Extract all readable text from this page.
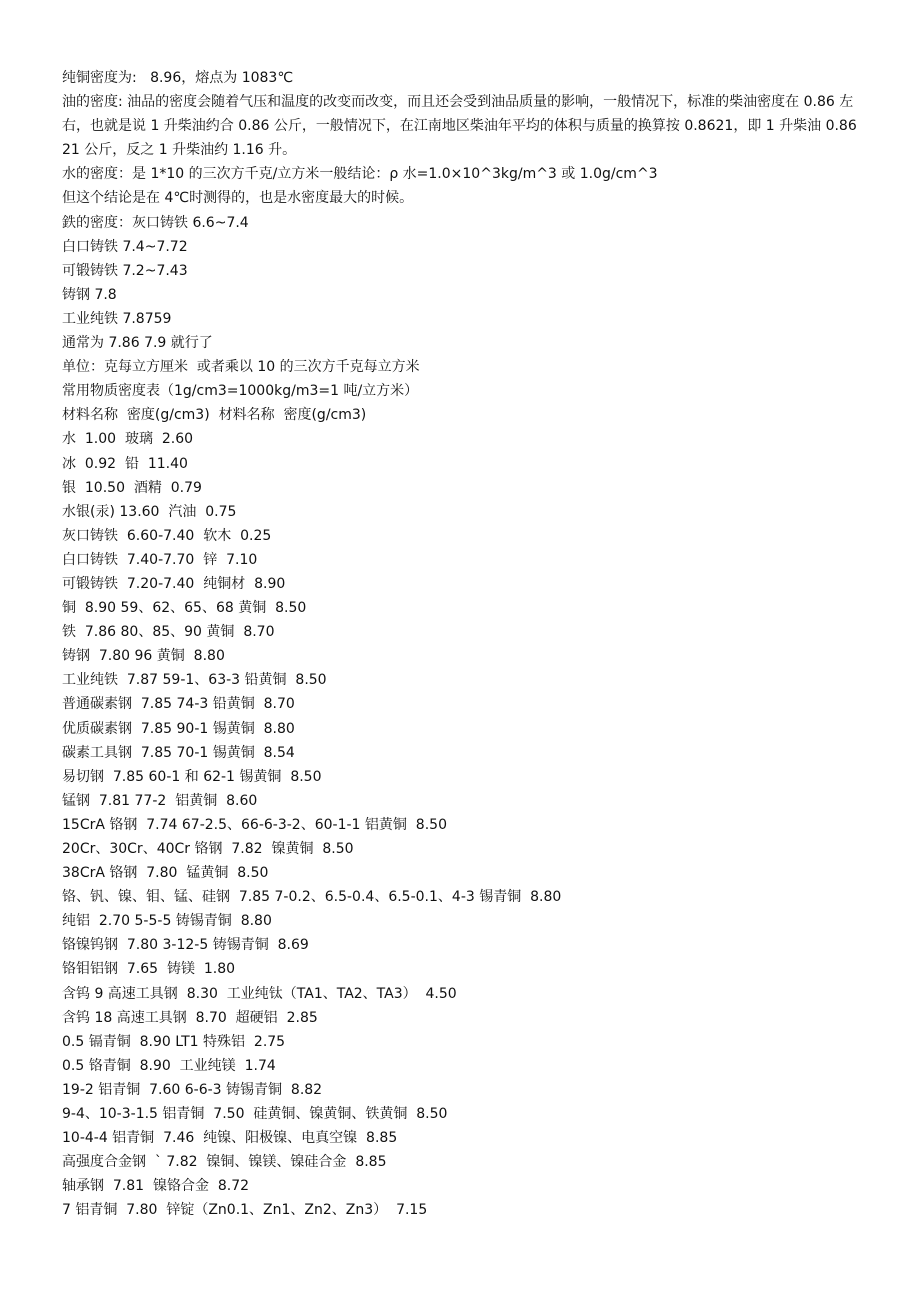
纯铜密度为:   8.96，熔点为 1083℃
油的密度: 油品的密度会随着气压和温度的改变而改变，而且还会受到油品质量的影响，一般情况下，标准的柴油密度在 0.86 左右，也就是说 1 升柴油约合 0.86 公斤，一般情况下，在江南地区柴油年平均的体积与质量的换算按 0.8621，即 1 升柴油 0.8621 公斤，反之 1 升柴油约 1.16 升。
水的密度：是 1*10 的三次方千克/立方米一般结论：ρ 水=1.0×10^3kg/m^3 或 1.0g/cm^3
但这个结论是在 4℃时测得的，也是水密度最大的时候。
鉄的密度：灰口铸铁 6.6~7.4
白口铸铁 7.4~7.72
可锻铸铁 7.2~7.43
铸钢 7.8
工业纯铁 7.8759
通常为 7.86 7.9 就行了
单位：克每立方厘米  或者乘以 10 的三次方千克每立方米
常用物质密度表（1g/cm3=1000kg/m3=1 吨/立方米）
材料名称  密度(g/cm3)  材料名称  密度(g/cm3)
水  1.00  玻璃  2.60
冰  0.92  铅  11.40
银  10.50  酒精  0.79
水银(汞) 13.60  汽油  0.75
灰口铸铁  6.60-7.40  软木  0.25
白口铸铁  7.40-7.70  锌  7.10
可锻铸铁  7.20-7.40  纯铜材  8.90
铜  8.90 59、62、65、68 黄铜  8.50
铁  7.86 80、85、90 黄铜  8.70
铸钢  7.80 96 黄铜  8.80
工业纯铁  7.87 59-1、63-3 铅黄铜  8.50
普通碳素钢  7.85 74-3 铅黄铜  8.70
优质碳素钢  7.85 90-1 锡黄铜  8.80
碳素工具钢  7.85 70-1 锡黄铜  8.54
易切钢  7.85 60-1 和 62-1 锡黄铜  8.50
锰钢  7.81 77-2  铝黄铜  8.60
15CrA 铬钢  7.74 67-2.5、66-6-3-2、60-1-1 铝黄铜  8.50
20Cr、30Cr、40Cr 铬钢  7.82  镍黄铜  8.50
38CrA 铬钢  7.80  锰黄铜  8.50
铬、钒、镍、钼、锰、硅钢  7.85 7-0.2、6.5-0.4、6.5-0.1、4-3 锡青铜  8.80
纯铝  2.70 5-5-5 铸锡青铜  8.80
铬镍钨钢  7.80 3-12-5 铸锡青铜  8.69
铬钼铝钢  7.65  铸镁  1.80
含钨 9 高速工具钢  8.30  工业纯钛（TA1、TA2、TA3）  4.50
含钨 18 高速工具钢  8.70  超硬铝  2.85
0.5 镉青铜  8.90 LT1 特殊铝  2.75
0.5 铬青铜  8.90  工业纯镁  1.74
19-2 铝青铜  7.60 6-6-3 铸锡青铜  8.82
9-4、10-3-1.5 铝青铜  7.50  硅黄铜、镍黄铜、铁黄铜  8.50
10-4-4 铝青铜  7.46  纯镍、阳极镍、电真空镍  8.85
高强度合金钢  ` 7.82  镍铜、镍镁、镍硅合金  8.85
轴承钢  7.81  镍铬合金  8.72
7 铝青铜  7.80  锌锭（Zn0.1、Zn1、Zn2、Zn3）  7.15
